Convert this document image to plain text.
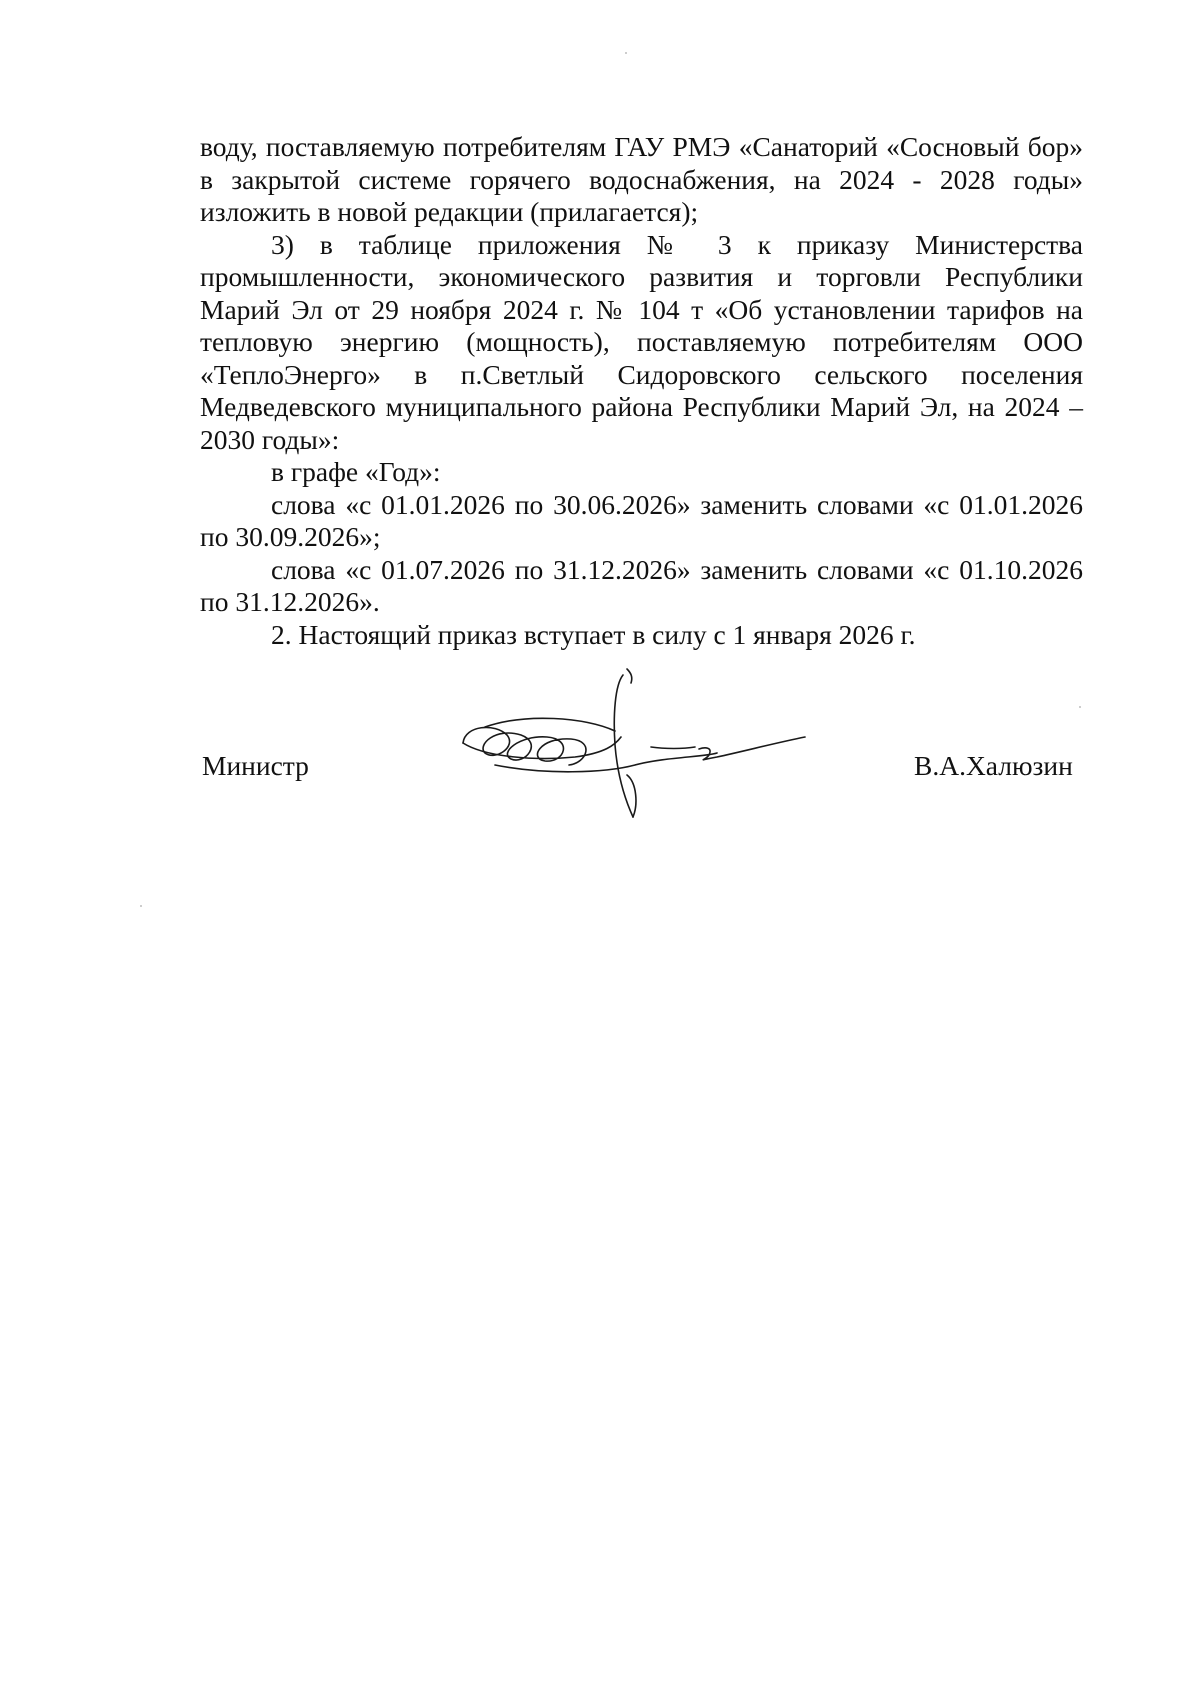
воду, поставляемую потребителям ГАУ РМЭ «Санаторий «Сосновый бор» в закрытой системе горячего водоснабжения, на 2024 - 2028 годы» изложить в новой редакции (прилагается);

3) в таблице приложения № 3 к приказу Министерства промышленности, экономического развития и торговли Республики Марий Эл от 29 ноября 2024 г. № 104 т «Об установлении тарифов на тепловую энергию (мощность), поставляемую потребителям ООО «ТеплоЭнерго» в п.Светлый Сидоровского сельского поселения Медведевского муниципального района Республики Марий Эл, на 2024 – 2030 годы»:

в графе «Год»:

слова «с 01.01.2026 по 30.06.2026» заменить словами «с 01.01.2026 по 30.09.2026»;

слова «с 01.07.2026 по 31.12.2026» заменить словами «с 01.10.2026 по 31.12.2026».

2. Настоящий приказ вступает в силу с 1 января 2026 г.

Министр	В.А.Халюзин
